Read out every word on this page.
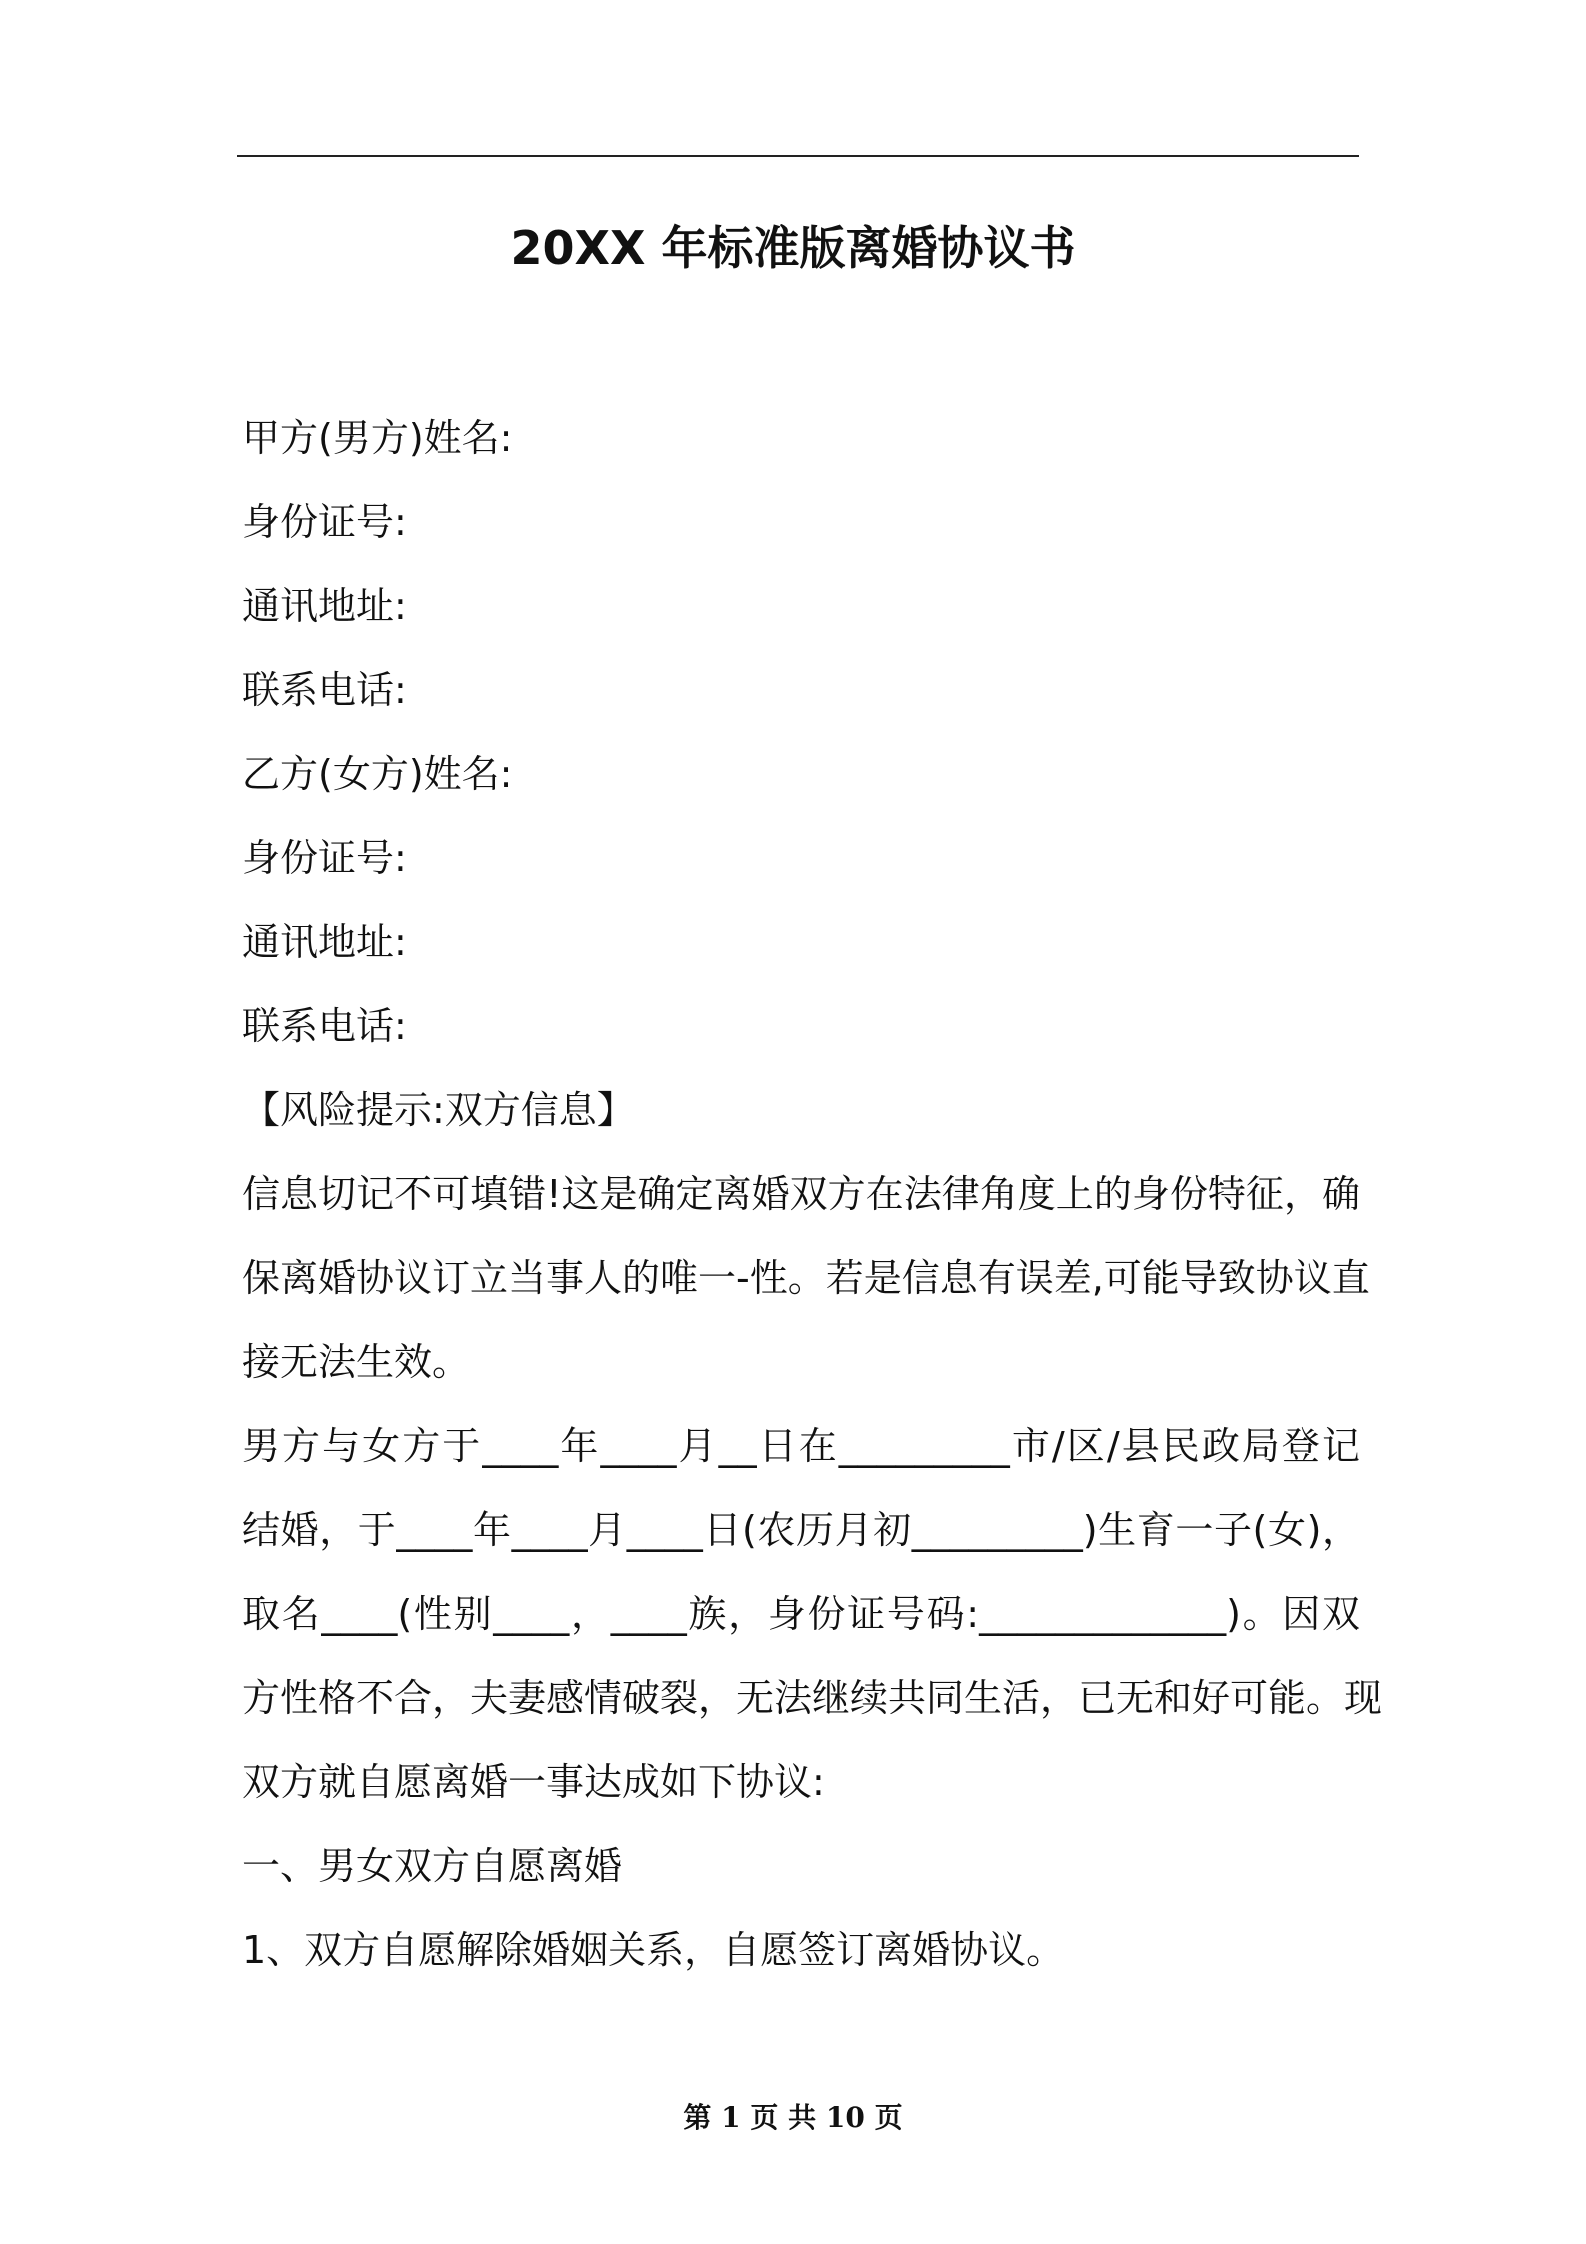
20XX 年标准版离婚协议书
甲方(男方)姓名:
身份证号:
通讯地址:
联系电话:
乙方(女方)姓名:
身份证号:
通讯地址:
联系电话:
【风险提示:双方信息】
信息切记不可填错!这是确定离婚双方在法律角度上的身份特征，确
保离婚协议订立当事人的唯一-性。若是信息有误差,可能导致协议直
接无法生效。
男方与女方于____年____月__日在_________市/区/县民政局登记
结婚，于____年____月____日(农历月初_________)生育一子(女)，
取名____(性别____，____族，身份证号码:_____________)。因双
方性格不合，夫妻感情破裂，无法继续共同生活，已无和好可能。现
双方就自愿离婚一事达成如下协议:
一、男女双方自愿离婚
1、双方自愿解除婚姻关系，自愿签订离婚协议。
第 1 页 共 10 页
